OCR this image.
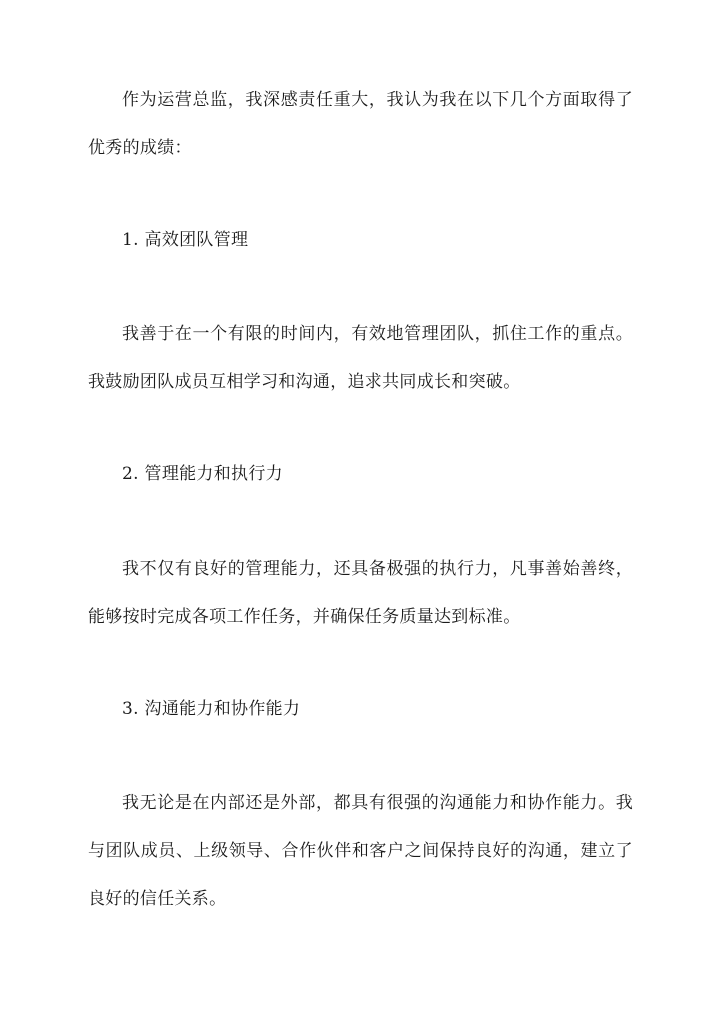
作为运营总监，我深感责任重大，我认为我在以下几个方面取得了优秀的成绩：

1. 高效团队管理

我善于在一个有限的时间内，有效地管理团队，抓住工作的重点。我鼓励团队成员互相学习和沟通，追求共同成长和突破。

2. 管理能力和执行力

我不仅有良好的管理能力，还具备极强的执行力，凡事善始善终，能够按时完成各项工作任务，并确保任务质量达到标准。

3. 沟通能力和协作能力

我无论是在内部还是外部，都具有很强的沟通能力和协作能力。我与团队成员、上级领导、合作伙伴和客户之间保持良好的沟通，建立了良好的信任关系。
